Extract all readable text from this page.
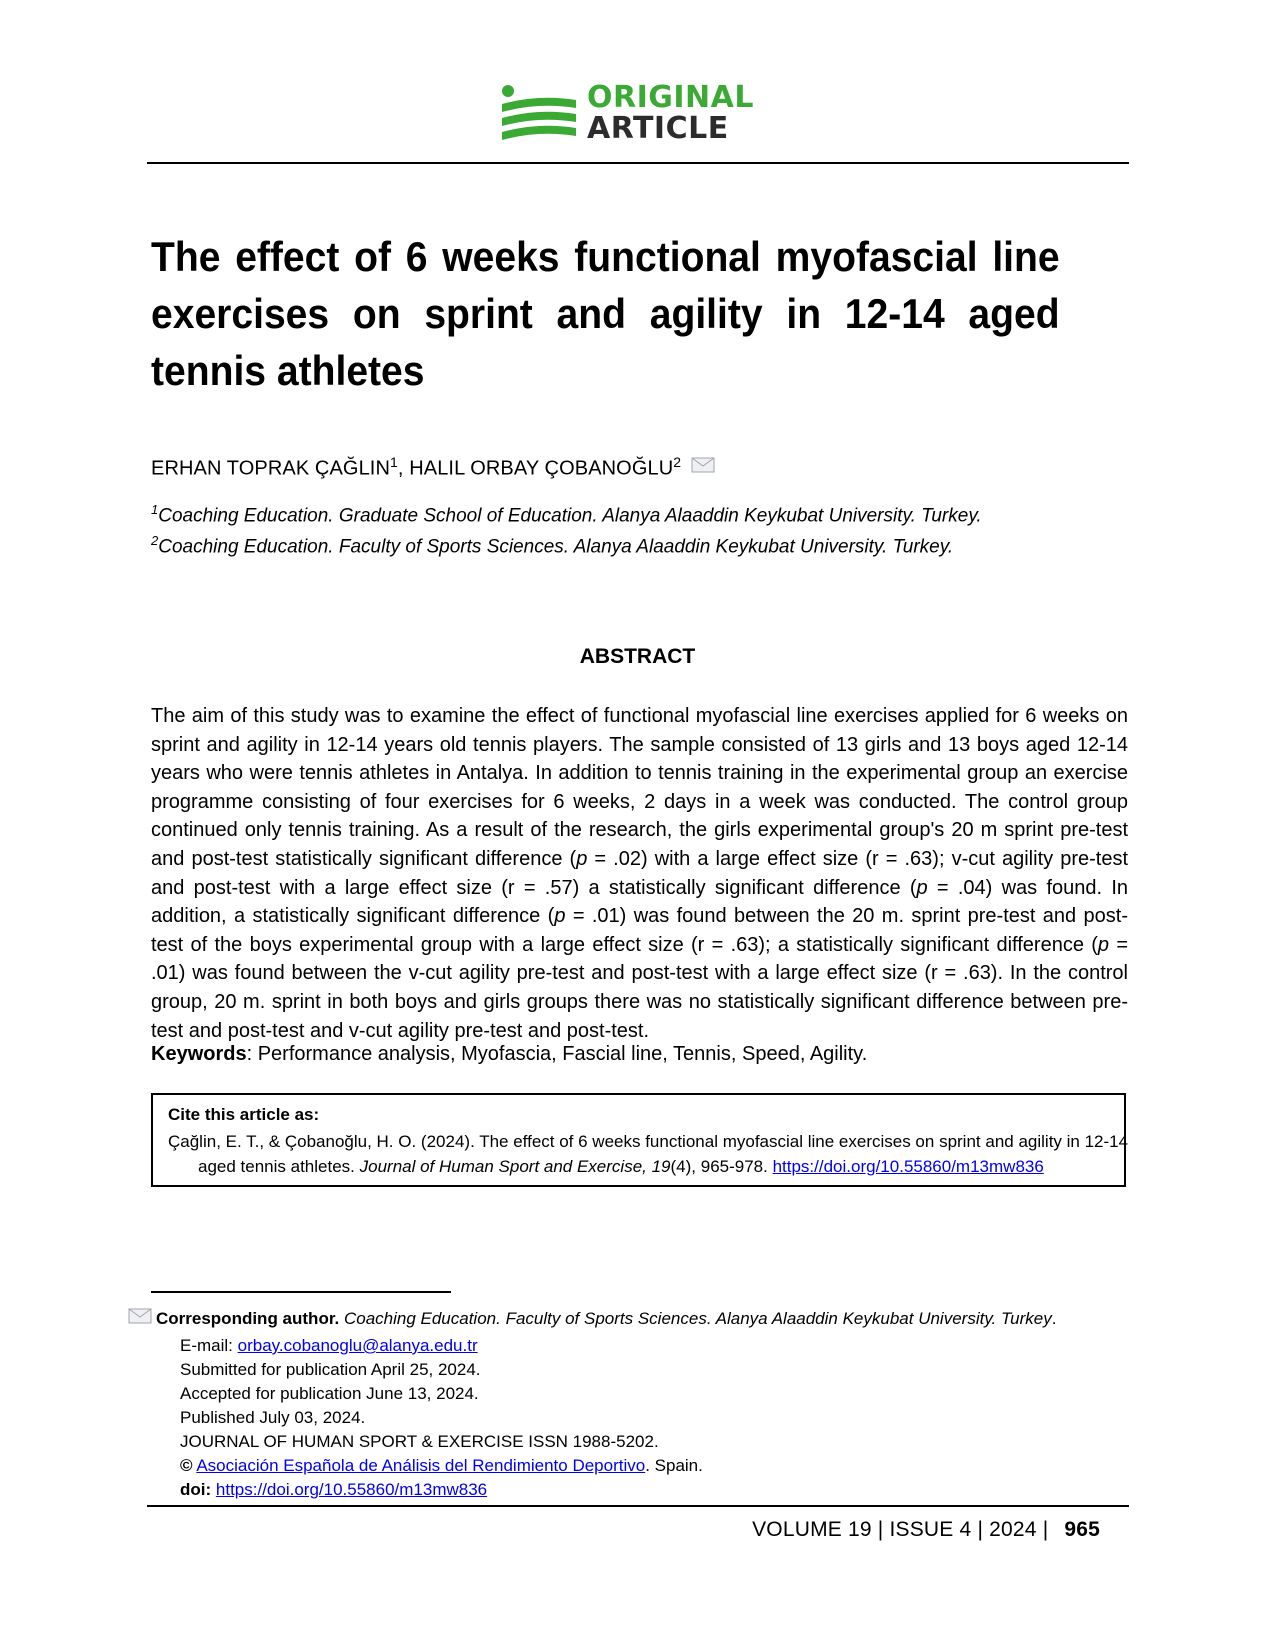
ORIGINAL
ARTICLE
The effect of 6 weeks functional myofascial line exercises on sprint and agility in 12-14 aged tennis athletes
ERHAN TOPRAK ÇAĞLIN$^1$, HALIL ORBAY ÇOBANOĞLU$^2$
$^1$Coaching Education. Graduate School of Education. Alanya Alaaddin Keykubat University. Turkey.
$^2$Coaching Education. Faculty of Sports Sciences. Alanya Alaaddin Keykubat University. Turkey.
ABSTRACT

The aim of this study was to examine the effect of functional myofascial line exercises applied for 6 weeks on sprint and agility in 12-14 years old tennis players. The sample consisted of 13 girls and 13 boys aged 12-14 years who were tennis athletes in Antalya. In addition to tennis training in the experimental group an exercise programme consisting of four exercises for 6 weeks, 2 days in a week was conducted. The control group continued only tennis training. As a result of the research, the girls experimental group's 20 m sprint pre-test and post-test statistically significant difference (p = .02) with a large effect size (r = .63); v-cut agility pre-test and post-test with a large effect size (r = .57) a statistically significant difference (p = .04) was found. In addition, a statistically significant difference (p = .01) was found between the 20 m. sprint pre-test and post-test of the boys experimental group with a large effect size (r = .63); a statistically significant difference (p = .01) was found between the v-cut agility pre-test and post-test with a large effect size (r = .63). In the control group, 20 m. sprint in both boys and girls groups there was no statistically significant difference between pre-test and post-test and v-cut agility pre-test and post-test.

Keywords: Performance analysis, Myofascia, Fascial line, Tennis, Speed, Agility.
Cite this article as:
Çağlin, E. T., & Çobanoğlu, H. O. (2024). The effect of 6 weeks functional myofascial line exercises on sprint and agility in 12-14 aged tennis athletes. Journal of Human Sport and Exercise, 19(4), 965-978. https://doi.org/10.55860/m13mw836
Corresponding author. Coaching Education. Faculty of Sports Sciences. Alanya Alaaddin Keykubat University. Turkey.
E-mail: orbay.cobanoglu@alanya.edu.tr
Submitted for publication April 25, 2024.
Accepted for publication June 13, 2024.
Published July 03, 2024.
JOURNAL OF HUMAN SPORT & EXERCISE ISSN 1988-5202.
© Asociación Española de Análisis del Rendimiento Deportivo. Spain.
doi: https://doi.org/10.55860/m13mw836
VOLUME 19 | ISSUE 4 | 2024 | 965
